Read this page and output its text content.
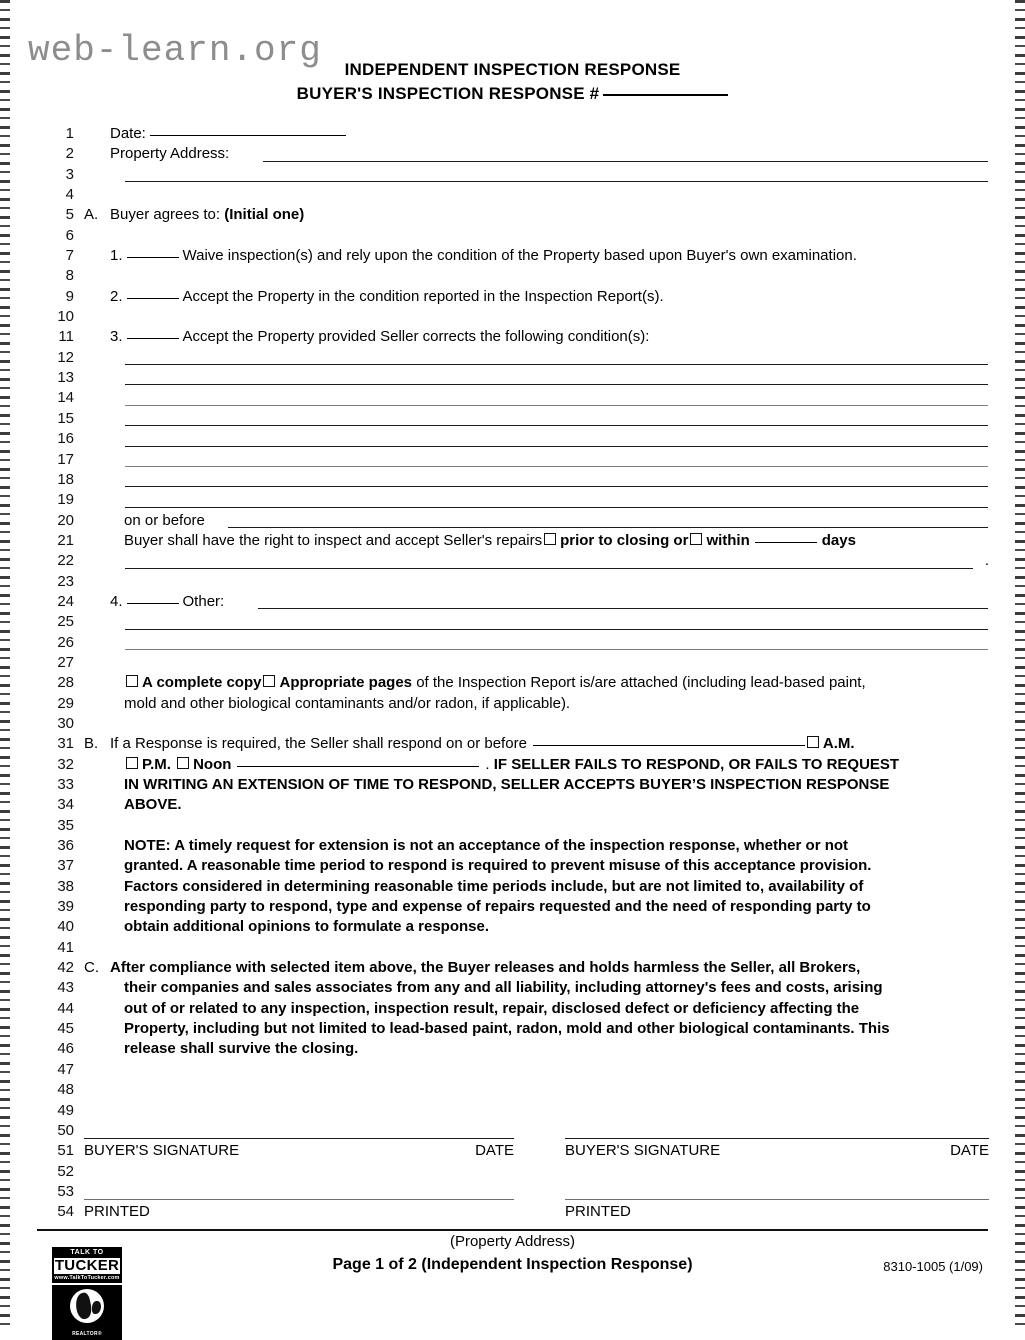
web-learn.org	INDEPENDENT INSPECTION RESPONSE
BUYER'S INSPECTION RESPONSE #
1	Date:
2	Property Address:
3
4
5 A. Buyer agrees to: (Initial one)
6
7	1.	Waive inspection(s) and rely upon the condition of the Property based upon Buyer's own examination.
8
9	2.	Accept the Property in the condition reported in the Inspection Report(s).
10
11	3.	Accept the Property provided Seller corrects the following condition(s):
12
13
14
15
16
17
18
19
20	on or before
21	Buyer shall have the right to inspect and accept Seller's repairs prior to closing or within	days
22	.
23
24	4.	Other:
25
26
27
28	A complete copy Appropriate pages of the Inspection Report is/are attached (including lead-based paint,
29	mold and other biological contaminants and/or radon, if applicable).
30
31 B. If a Response is required, the Seller shall respond on or before	A.M.
32	P.M. Noon	. IF SELLER FAILS TO RESPOND, OR FAILS TO REQUEST
33	IN WRITING AN EXTENSION OF TIME TO RESPOND, SELLER ACCEPTS BUYER’S INSPECTION RESPONSE
34	ABOVE.
35
36	NOTE: A timely request for extension is not an acceptance of the inspection response, whether or not
37	granted. A reasonable time period to respond is required to prevent misuse of this acceptance provision.
38	Factors considered in determining reasonable time periods include, but are not limited to, availability of
39	responding party to respond, type and expense of repairs requested and the need of responding party to
40	obtain additional opinions to formulate a response.
41
42 C. After compliance with selected item above, the Buyer releases and holds harmless the Seller, all Brokers,
43	their companies and sales associates from any and all liability, including attorney's fees and costs, arising
44	out of or related to any inspection, inspection result, repair, disclosed defect or deficiency affecting the
45	Property, including but not limited to lead-based paint, radon, mold and other biological contaminants. This
46	release shall survive the closing.
47
48
49
50
51 BUYER'S SIGNATURE	DATE	BUYER'S SIGNATURE	DATE
52
53
54 PRINTED	PRINTED
(Property Address)
Page 1 of 2 (Independent Inspection Response)	8310-1005 (1/09)
TALK TO
TUCKER
www.TalkToTucker.com
REALTOR®
